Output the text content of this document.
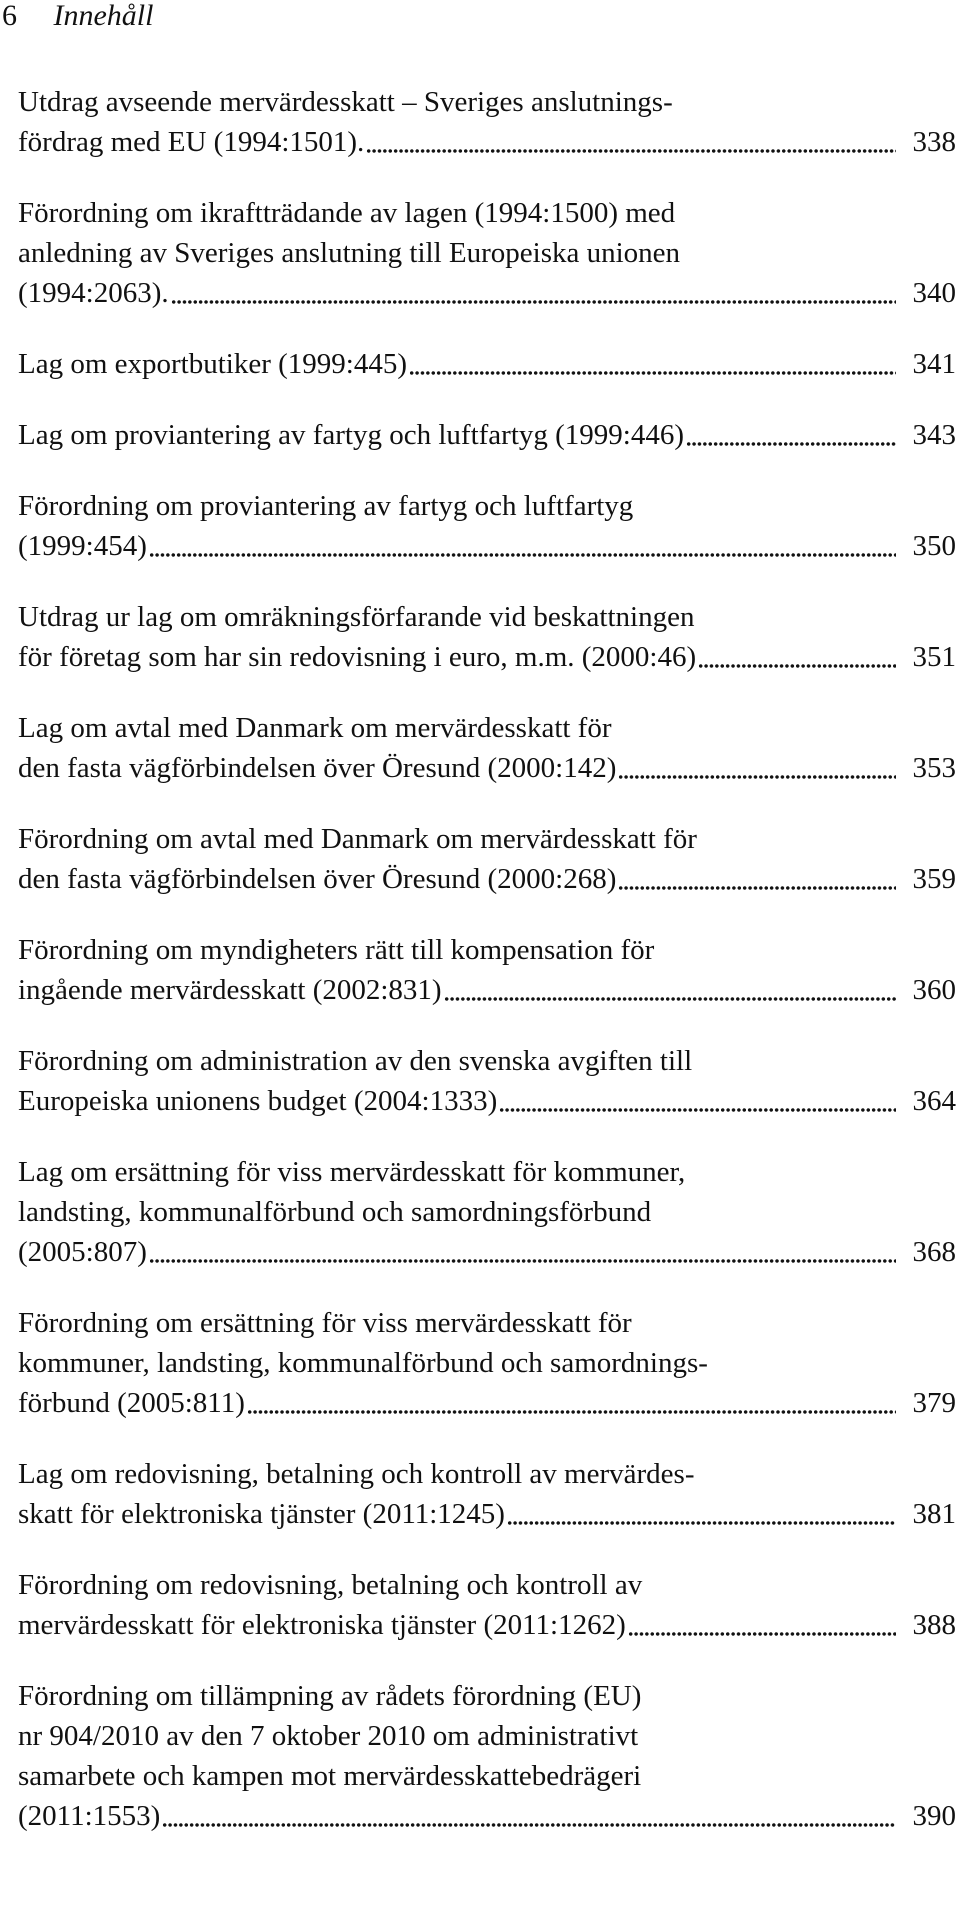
6 Innehåll
Utdrag avseende mervärdesskatt – Sveriges anslutnings-
fördrag med EU (1994:1501).	338
Förordning om ikraftträdande av lagen (1994:1500) med
anledning av Sveriges anslutning till Europeiska unionen
(1994:2063).	340
Lag om exportbutiker (1999:445)	341
Lag om proviantering av fartyg och luftfartyg (1999:446)	343
Förordning om proviantering av fartyg och luftfartyg
(1999:454)	350
Utdrag ur lag om omräkningsförfarande vid beskattningen
för företag som har sin redovisning i euro, m.m. (2000:46)	351
Lag om avtal med Danmark om mervärdesskatt för
den fasta vägförbindelsen över Öresund (2000:142)	353
Förordning om avtal med Danmark om mervärdesskatt för
den fasta vägförbindelsen över Öresund (2000:268)	359
Förordning om myndigheters rätt till kompensation för
ingående mervärdesskatt (2002:831)	360
Förordning om administration av den svenska avgiften till
Europeiska unionens budget (2004:1333)	364
Lag om ersättning för viss mervärdesskatt för kommuner,
landsting, kommunalförbund och samordningsförbund
(2005:807)	368
Förordning om ersättning för viss mervärdesskatt för
kommuner, landsting, kommunalförbund och samordnings-
förbund (2005:811)	379
Lag om redovisning, betalning och kontroll av mervärdes-
skatt för elektroniska tjänster (2011:1245)	381
Förordning om redovisning, betalning och kontroll av
mervärdesskatt för elektroniska tjänster (2011:1262)	388
Förordning om tillämpning av rådets förordning (EU)
nr 904/2010 av den 7 oktober 2010 om administrativt
samarbete och kampen mot mervärdesskattebedrägeri
(2011:1553)	390
